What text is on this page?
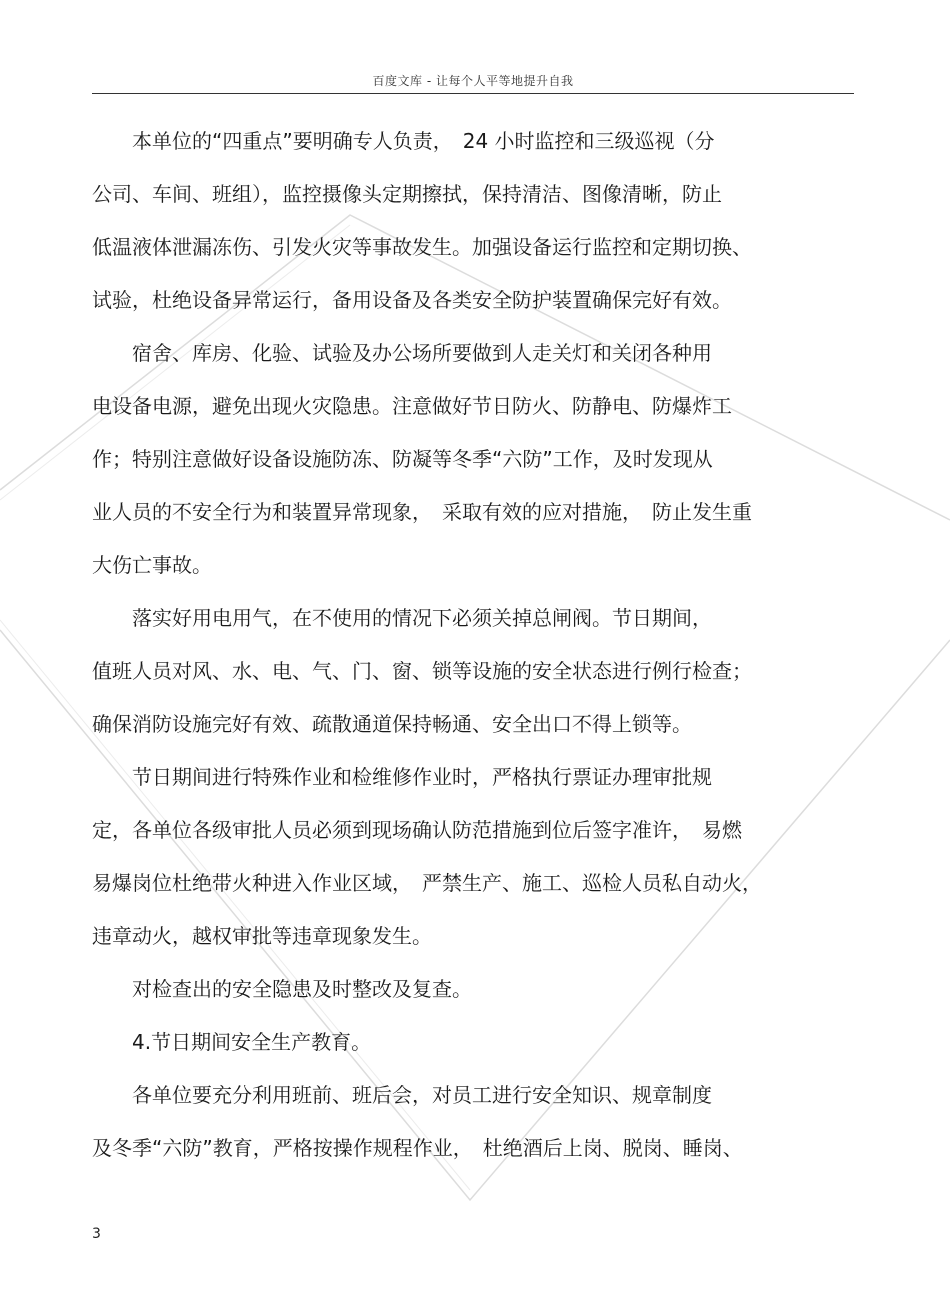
百度文库 - 让每个人平等地提升自我
　　本单位的“四重点”要明确专人负责，　24 小时监控和三级巡视（分
公司、车间、班组），监控摄像头定期擦拭，保持清洁、图像清晰，防止
低温液体泄漏冻伤、引发火灾等事故发生。加强设备运行监控和定期切换、
试验，杜绝设备异常运行，备用设备及各类安全防护装置确保完好有效。
　　宿舍、库房、化验、试验及办公场所要做到人走关灯和关闭各种用
电设备电源，避免出现火灾隐患。注意做好节日防火、防静电、防爆炸工
作；特别注意做好设备设施防冻、防凝等冬季“六防”工作，及时发现从
业人员的不安全行为和装置异常现象，　采取有效的应对措施，　防止发生重
大伤亡事故。
　　落实好用电用气，在不使用的情况下必须关掉总闸阀。节日期间，
值班人员对风、水、电、气、门、窗、锁等设施的安全状态进行例行检查；
确保消防设施完好有效、疏散通道保持畅通、安全出口不得上锁等。
　　节日期间进行特殊作业和检维修作业时，严格执行票证办理审批规
定，各单位各级审批人员必须到现场确认防范措施到位后签字准许，　易燃
易爆岗位杜绝带火种进入作业区域，　严禁生产、施工、巡检人员私自动火，
违章动火，越权审批等违章现象发生。
　　对检查出的安全隐患及时整改及复查。
　　4.节日期间安全生产教育。
　　各单位要充分利用班前、班后会，对员工进行安全知识、规章制度
及冬季“六防”教育，严格按操作规程作业，　杜绝酒后上岗、脱岗、睡岗、
3
